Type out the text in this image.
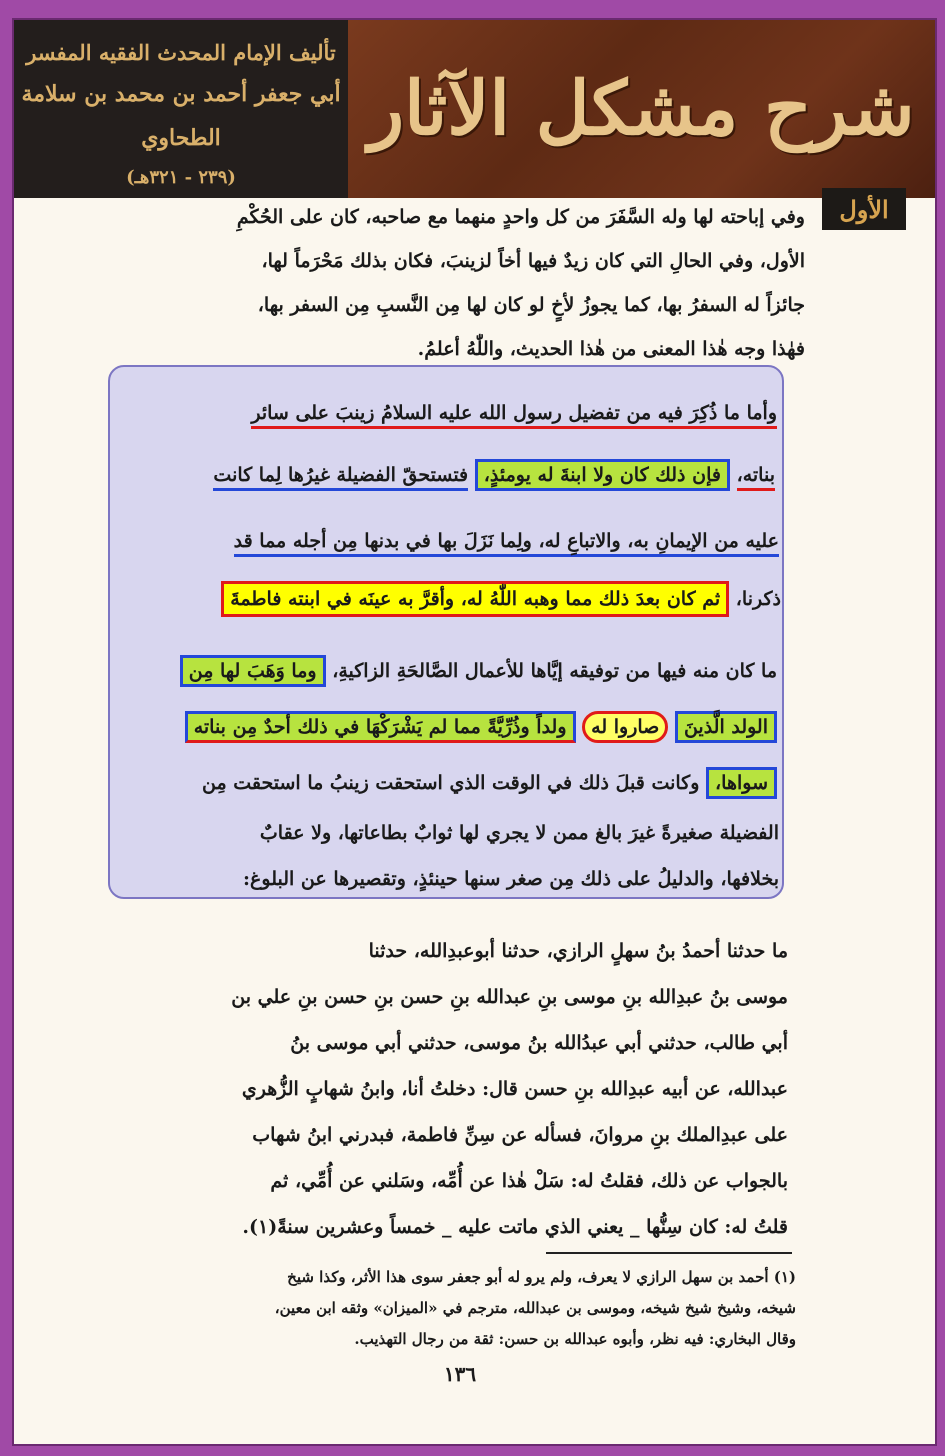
تأليف الإمام المحدث الفقيه المفسر
أبي جعفر أحمد بن محمد بن سلامة الطحاوي
(٢٣٩ - ٣٢١هـ)
شرح مشكل الآثار
الأول

وفي إباحته لها وله السَّفَرَ من كل واحدٍ منهما مع صاحبه، كان على الحُكْمِ

الأول، وفي الحالِ التي كان زيدٌ فيها أخاً لزينبَ، فكان بذلك مَحْرَماً لها،

جائزاً له السفرُ بها، كما يجوزُ لأخٍ لو كان لها مِن النَّسبِ مِن السفر بها،

فهٰذا وجه هٰذا المعنى من هٰذا الحديث، واللّٰهُ أعلمُ.

وأما ما ذُكِرَ فيه من تفضيل رسول الله عليه السلامُ زينبَ على سائر
بناته، فإن ذلك كان ولا ابنةَ له يومئذٍ، فتستحقّ الفضيلة غيرُها لِما كانت
عليه من الإيمانِ به، والاتباعِ له، ولِما نَزَلَ بها في بدنها مِن أجله مما قد
ذكرنا، ثم كان بعدَ ذلك مما وهبه اللّٰهُ له، وأقرَّ به عينَه في ابنته فاطمةَ
ما كان منه فيها من توفيقه إيَّاها للأعمال الصَّالحَةِ الزاكيةِ، وما وَهَبَ لها مِن
الولد الَّذينَ صاروا له ولداً وذُرِّيَّةً مما لم يَشْرَكْهَا في ذلك أحدٌ مِن بناته
سواها، وكانت قبلَ ذلك في الوقت الذي استحقت زينبُ ما استحقت مِن
الفضيلة صغيرةً غيرَ بالغ ممن لا يجري لها ثوابٌ بطاعاتها، ولا عقابٌ
بخلافها، والدليلُ على ذلك مِن صغر سنها حينئذٍ، وتقصيرها عن البلوغ:

ما حدثنا أحمدُ بنُ سهلٍ الرازي، حدثنا أبوعبدِالله، حدثنا

موسى بنُ عبدِالله بنِ موسى بنِ عبدالله بنِ حسن بنِ حسن بنِ علي بن

أبي طالب، حدثني أبي عبدُالله بنُ موسى، حدثني أبي موسى بنُ

عبدالله، عن أبيه عبدِالله بنِ حسن قال: دخلتُ أنا، وابنُ شهابٍ الزُّهري

على عبدِالملك بنِ مروانَ، فسأله عن سِنِّ فاطمة، فبدرني ابنُ شهاب

بالجواب عن ذلك، فقلتُ له: سَلْ هٰذا عن أُمِّه، وسَلني عن أُمِّي، ثم

قلتُ له: كان سِنُّها _ يعني الذي ماتت عليه _ خمساً وعشرين سنةً(١).

(١) أحمد بن سهل الرازي لا يعرف، ولم يرو له أبو جعفر سوى هذا الأثر، وكذا شيخ

شيخه، وشيخ شيخ شيخه، وموسى بن عبدالله، مترجم في «الميزان» وثقه ابن معين،

وقال البخاري: فيه نظر، وأبوه عبدالله بن حسن: ثقة من رجال التهذيب.

١٣٦
